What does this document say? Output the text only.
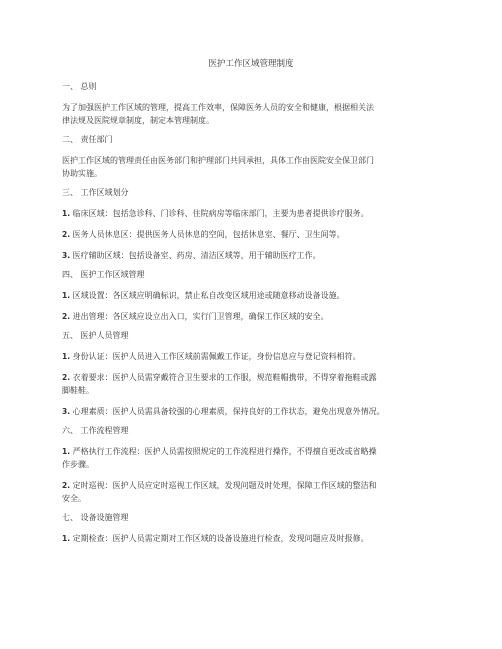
医护工作区域管理制度
一、 总则
为了加强医护工作区域的管理，提高工作效率，保障医务人员的安全和健康，根据相关法
律法规及医院规章制度，制定本管理制度。
二、 责任部门
医护工作区域的管理责任由医务部门和护理部门共同承担，具体工作由医院安全保卫部门
协助实施。
三、 工作区域划分
1. 临床区域：包括急诊科、门诊科、住院病房等临床部门，主要为患者提供诊疗服务。
2. 医务人员休息区：提供医务人员休息的空间，包括休息室、餐厅、卫生间等。
3. 医疗辅助区域：包括设备室、药房、清洁区域等，用于辅助医疗工作。
四、 医护工作区域管理
1. 区域设置：各区域应明确标识，禁止私自改变区域用途或随意移动设备设施。
2. 进出管理：各区域应设立出入口，实行门卫管理，确保工作区域的安全。
五、 医护人员管理
1. 身份认证：医护人员进入工作区域前需佩戴工作证，身份信息应与登记资料相符。
2. 衣着要求：医护人员需穿戴符合卫生要求的工作服，规范鞋帽携带，不得穿着拖鞋或露
脚鞋鞋。
3. 心理素质：医护人员需具备较强的心理素质，保持良好的工作状态，避免出现意外情况。
六、 工作流程管理
1. 严格执行工作流程：医护人员需按照规定的工作流程进行操作，不得擅自更改或省略操
作步骤。
2. 定时巡视：医护人员应定时巡视工作区域，发现问题及时处理，保障工作区域的整洁和
安全。
七、 设备设施管理
1. 定期检查：医护人员需定期对工作区域的设备设施进行检查，发现问题应及时报修。
